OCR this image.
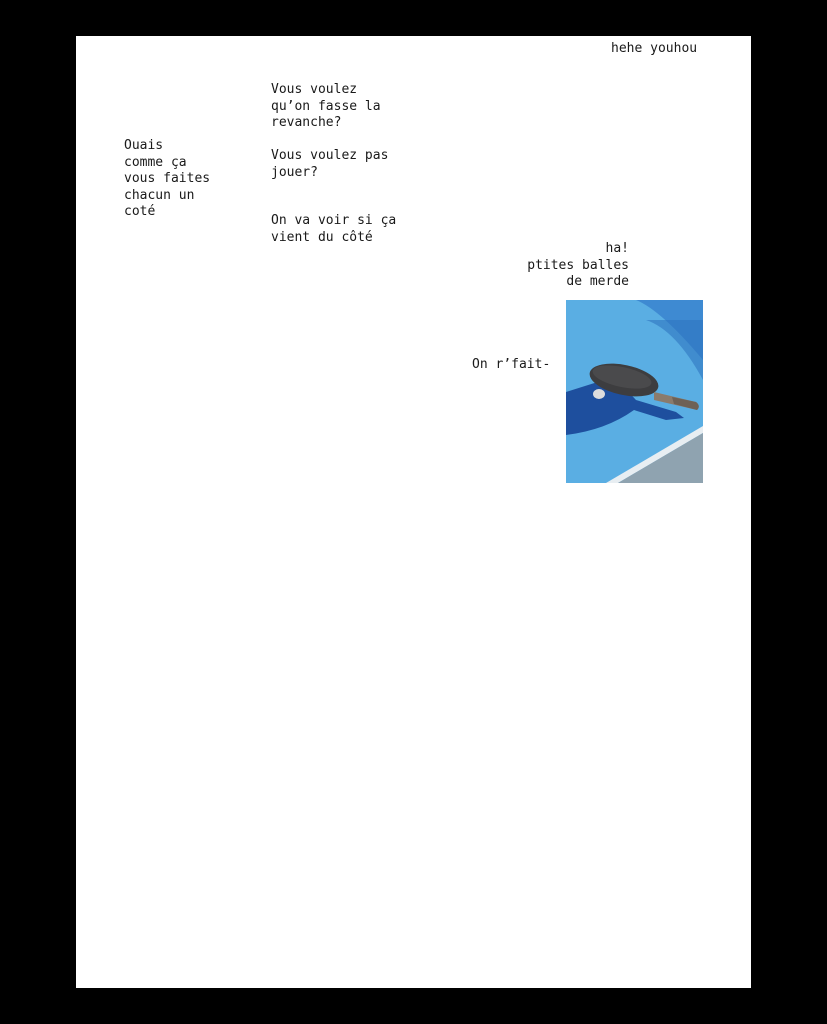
hehe youhou

Ouais
comme ça
vous faites
chacun un
coté

Vous voulez
qu’on fasse la
revanche?

Vous voulez pas
jouer?

On va voir si ça
vient du côté

ha!
ptites balles
de merde

On r’fait-
